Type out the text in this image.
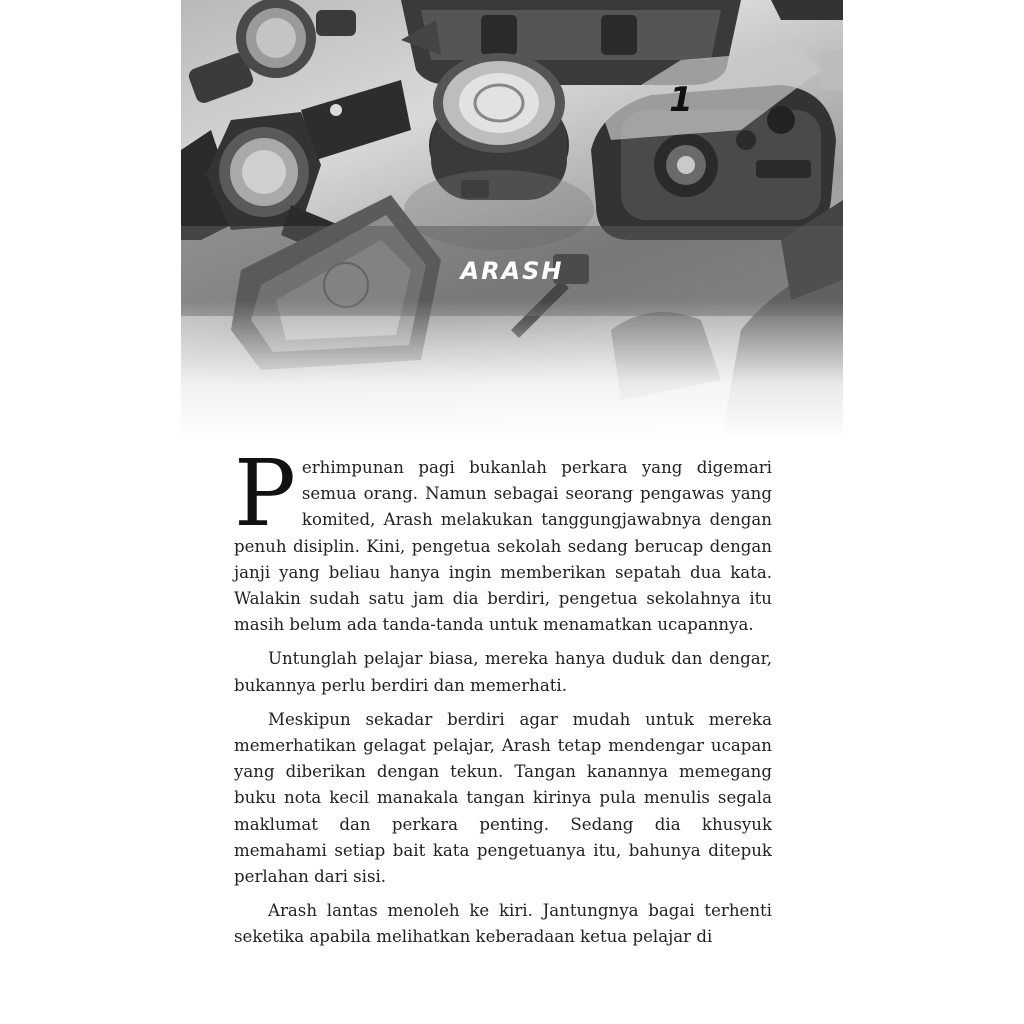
1
ARASH

Perhimpunan pagi bukanlah perkara yang digemari semua orang. Namun sebagai seorang pengawas yang komited, Arash melakukan tanggungjawabnya dengan penuh disiplin. Kini, pengetua sekolah sedang berucap dengan janji yang beliau hanya ingin memberikan sepatah dua kata. Walakin sudah satu jam dia berdiri, pengetua sekolahnya itu masih belum ada tanda-tanda untuk menamatkan ucapannya.

Untunglah pelajar biasa, mereka hanya duduk dan dengar, bukannya perlu berdiri dan memerhati.

Meskipun sekadar berdiri agar mudah untuk mereka memerhatikan gelagat pelajar, Arash tetap mendengar ucapan yang diberikan dengan tekun. Tangan kanannya memegang buku nota kecil manakala tangan kirinya pula menulis segala maklumat dan perkara penting. Sedang dia khusyuk memahami setiap bait kata pengetuanya itu, bahunya ditepuk perlahan dari sisi.

Arash lantas menoleh ke kiri. Jantungnya bagai terhenti seketika apabila melihatkan keberadaan ketua pelajar di
